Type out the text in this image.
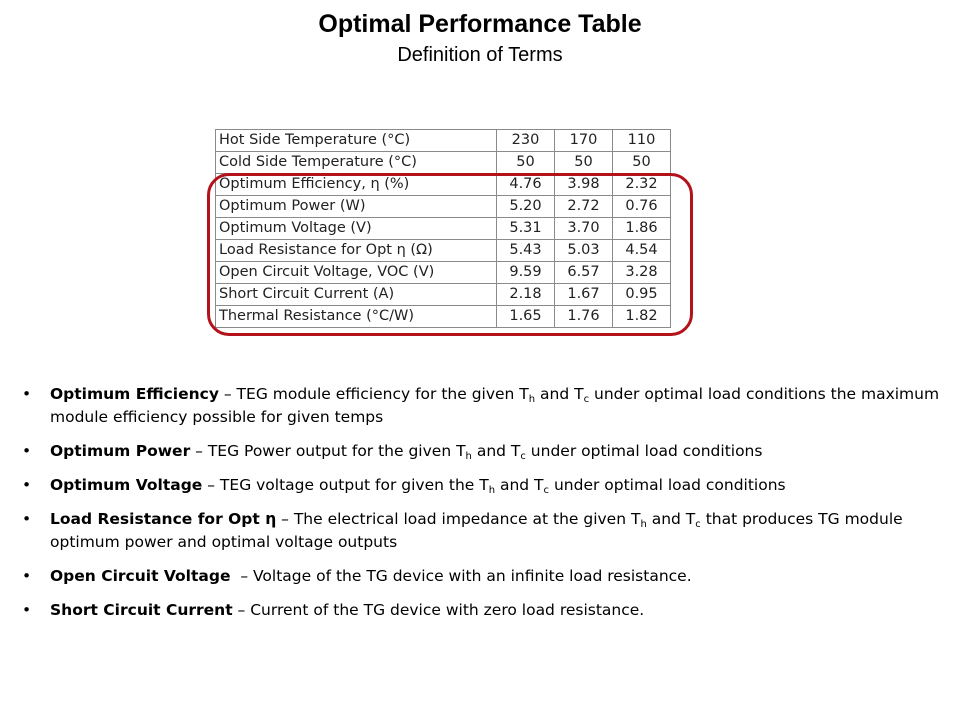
Optimal Performance Table
Definition of Terms
Hot Side Temperature (°C)	230	170	110
Cold Side Temperature (°C)	50	50	50
Optimum Efficiency, η (%)	4.76	3.98	2.32
Optimum Power (W)	5.20	2.72	0.76
Optimum Voltage (V)	5.31	3.70	1.86
Load Resistance for Opt η (Ω)	5.43	5.03	4.54
Open Circuit Voltage, VOC (V)	9.59	6.57	3.28
Short Circuit Current (A)	2.18	1.67	0.95
Thermal Resistance (°C/W)	1.65	1.76	1.82
• Optimum Efficiency – TEG module efficiency for the given $T_h$ and $T_c$ under optimal load conditions the maximum module efficiency possible for given temps
• Optimum Power – TEG Power output for the given $T_h$ and $T_c$ under optimal load conditions
• Optimum Voltage – TEG voltage output for given the $T_h$ and $T_c$ under optimal load conditions
• Load Resistance for Opt η – The electrical load impedance at the given $T_h$ and $T_c$ that produces TG module optimum power and optimal voltage outputs
• Open Circuit Voltage  – Voltage of the TG device with an infinite load resistance.
• Short Circuit Current – Current of the TG device with zero load resistance.
